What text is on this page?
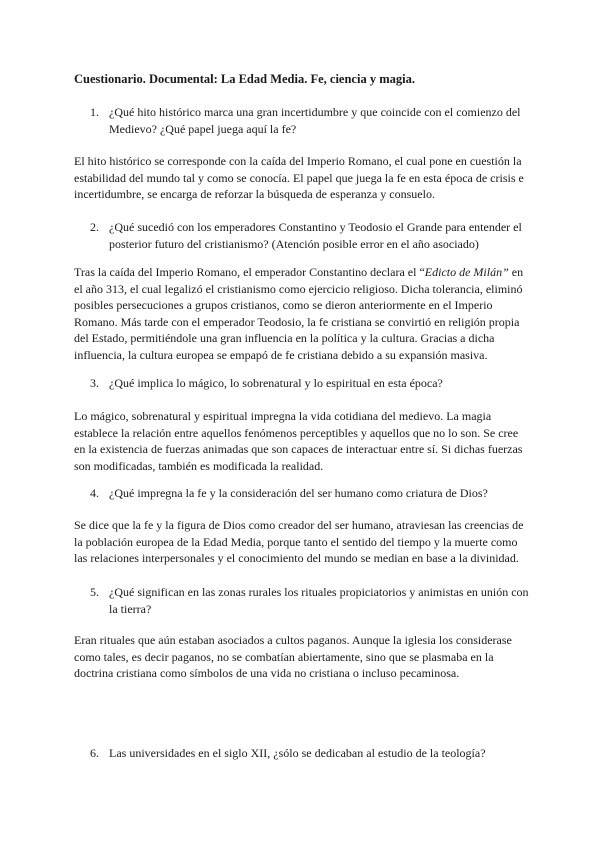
Cuestionario. Documental: La Edad Media. Fe, ciencia y magia.
1. ¿Qué hito histórico marca una gran incertidumbre y que coincide con el comienzo del Medievo? ¿Qué papel juega aquí la fe?
El hito histórico se corresponde con la caída del Imperio Romano, el cual pone en cuestión la estabilidad del mundo tal y como se conocía. El papel que juega la fe en esta época de crisis e incertidumbre, se encarga de reforzar la búsqueda de esperanza y consuelo.
2. ¿Qué sucedió con los emperadores Constantino y Teodosio el Grande para entender el posterior futuro del cristianismo? (Atención posible error en el año asociado)
Tras la caída del Imperio Romano, el emperador Constantino declara el “Edicto de Milán” en el año 313, el cual legalizó el cristianismo como ejercicio religioso. Dicha tolerancia, eliminó posibles persecuciones a grupos cristianos, como se dieron anteriormente en el Imperio Romano. Más tarde con el emperador Teodosio, la fe cristiana se convirtió en religión propia del Estado, permitiéndole una gran influencia en la política y la cultura. Gracias a dicha influencia, la cultura europea se empapó de fe cristiana debido a su expansión masiva.
3. ¿Qué implica lo mágico, lo sobrenatural y lo espiritual en esta época?
Lo mágico, sobrenatural y espiritual impregna la vida cotidiana del medievo. La magia establece la relación entre aquellos fenómenos perceptibles y aquellos que no lo son. Se cree en la existencia de fuerzas animadas que son capaces de interactuar entre sí. Si dichas fuerzas son modificadas, también es modificada la realidad.
4. ¿Qué impregna la fe y la consideración del ser humano como criatura de Dios?
Se dice que la fe y la figura de Dios como creador del ser humano, atraviesan las creencias de la población europea de la Edad Media, porque tanto el sentido del tiempo y la muerte como las relaciones interpersonales y el conocimiento del mundo se median en base a la divinidad.
5. ¿Qué significan en las zonas rurales los rituales propiciatorios y animistas en unión con la tierra?
Eran rituales que aún estaban asociados a cultos paganos. Aunque la iglesia los considerase como tales, es decir paganos, no se combatían abiertamente, sino que se plasmaba en la doctrina cristiana como símbolos de una vida no cristiana o incluso pecaminosa.
6. Las universidades en el siglo XII, ¿sólo se dedicaban al estudio de la teología?
